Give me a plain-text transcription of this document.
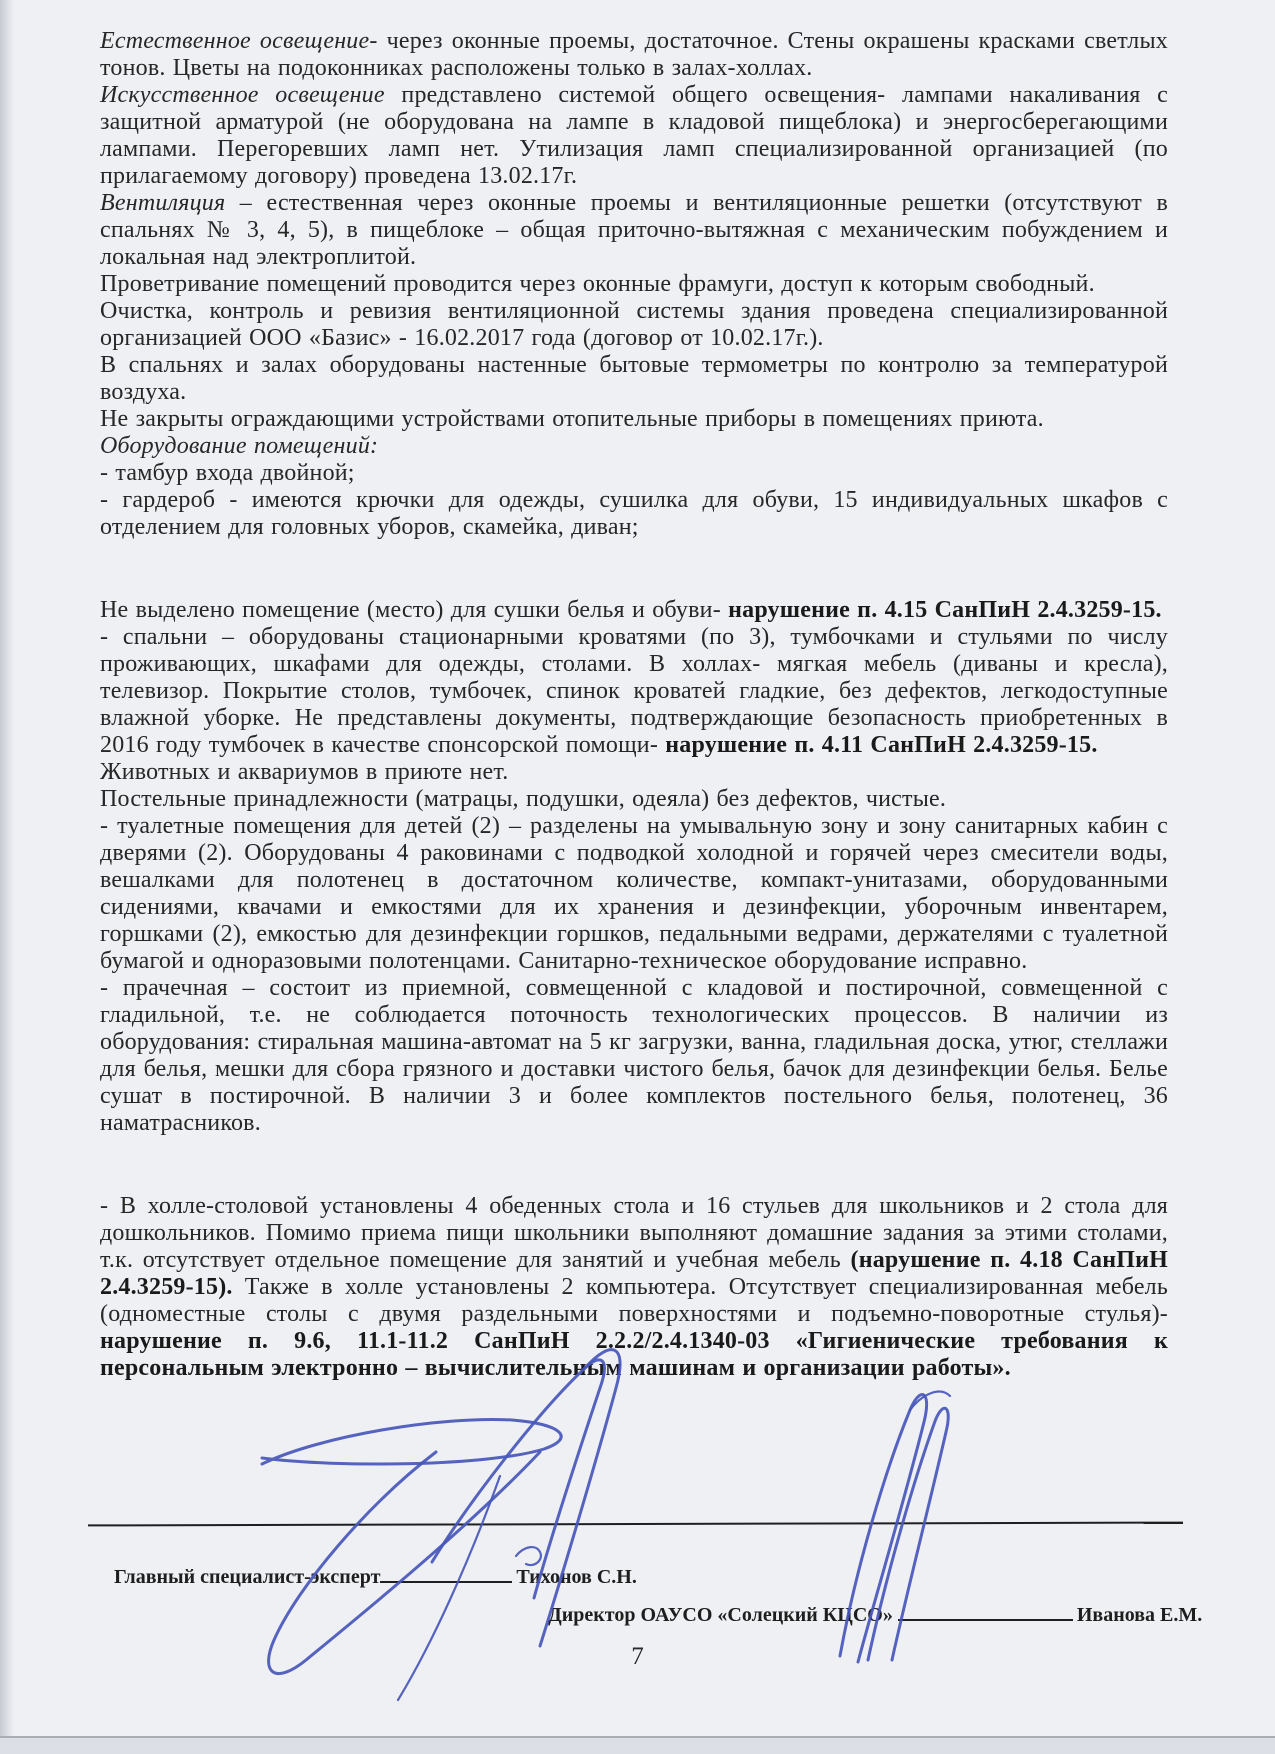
Естественное освещение- через оконные проемы, достаточное. Стены окрашены красками светлых тонов. Цветы на подоконниках расположены только в залах-холлах.

Искусственное освещение представлено системой общего освещения- лампами накаливания с защитной арматурой (не оборудована на лампе в кладовой пищеблока) и энергосберегающими лампами. Перегоревших ламп нет. Утилизация ламп специализированной организацией (по прилагаемому договору) проведена 13.02.17г.

Вентиляция – естественная через оконные проемы и вентиляционные решетки (отсутствуют в спальнях № 3, 4, 5), в пищеблоке – общая приточно-вытяжная с механическим побуждением и локальная над электроплитой.

Проветривание помещений проводится через оконные фрамуги, доступ к которым свободный.

Очистка, контроль и ревизия вентиляционной системы здания проведена специализированной организацией ООО «Базис» - 16.02.2017 года (договор от 10.02.17г.).

В спальнях и залах оборудованы настенные бытовые термометры по контролю за температурой воздуха.

Не закрыты ограждающими устройствами отопительные приборы в помещениях приюта.

Оборудование помещений:

- тамбур входа двойной;

- гардероб - имеются крючки для одежды, сушилка для обуви, 15 индивидуальных шкафов с отделением для головных уборов, скамейка, диван;

Не выделено помещение (место) для сушки белья и обуви- нарушение п. 4.15 СанПиН 2.4.3259-15.

- спальни – оборудованы стационарными кроватями (по 3), тумбочками и стульями по числу проживающих, шкафами для одежды, столами. В холлах- мягкая мебель (диваны и кресла), телевизор. Покрытие столов, тумбочек, спинок кроватей гладкие, без дефектов, легкодоступные влажной уборке. Не представлены документы, подтверждающие безопасность приобретенных в 2016 году тумбочек в качестве спонсорской помощи- нарушение п. 4.11 СанПиН 2.4.3259-15.

Животных и аквариумов в приюте нет.

Постельные принадлежности (матрацы, подушки, одеяла) без дефектов, чистые.

- туалетные помещения для детей (2) – разделены на умывальную зону и зону санитарных кабин с дверями (2). Оборудованы 4 раковинами с подводкой холодной и горячей через смесители воды, вешалками для полотенец в достаточном количестве, компакт-унитазами, оборудованными сидениями, квачами и емкостями для их хранения и дезинфекции, уборочным инвентарем, горшками (2), емкостью для дезинфекции горшков, педальными ведрами, держателями с туалетной бумагой и одноразовыми полотенцами. Санитарно-техническое оборудование исправно.

- прачечная – состоит из приемной, совмещенной с кладовой и постирочной, совмещенной с гладильной, т.е. не соблюдается поточность технологических процессов. В наличии из оборудования: стиральная машина-автомат на 5 кг загрузки, ванна, гладильная доска, утюг, стеллажи для белья, мешки для сбора грязного и доставки чистого белья, бачок для дезинфекции белья. Белье сушат в постирочной. В наличии 3 и более комплектов постельного белья, полотенец, 36 наматрасников.

- В холле-столовой установлены 4 обеденных стола и 16 стульев для школьников и 2 стола для дошкольников. Помимо приема пищи школьники выполняют домашние задания за этими столами, т.к. отсутствует отдельное помещение для занятий и учебная мебель (нарушение п. 4.18 СанПиН 2.4.3259-15). Также в холле установлены 2 компьютера. Отсутствует специализированная мебель (одноместные столы с двумя раздельными поверхностями и подъемно-поворотные стулья)- нарушение п. 9.6, 11.1-11.2 СанПиН 2.2.2/2.4.1340-03 «Гигиенические требования к персональным электронно – вычислительным машинам и организации работы».

Главный специалист-эксперт	Тихонов С.Н.
Директор ОАУСО «Солецкий КЦСО»	Иванова Е.М.
7
